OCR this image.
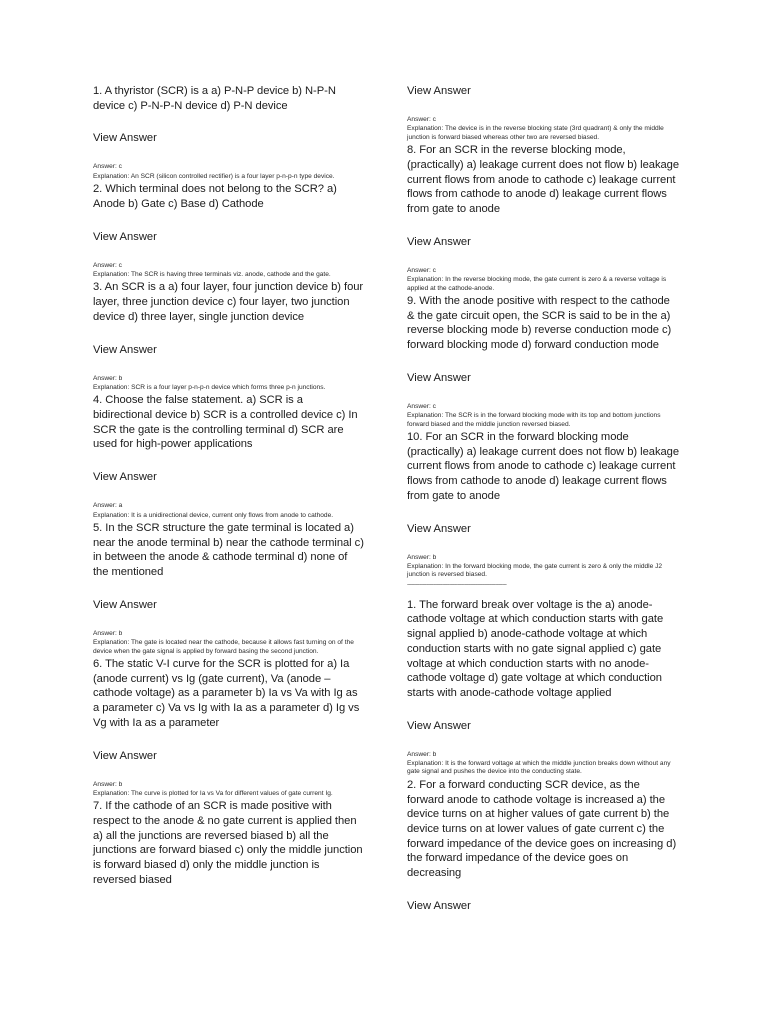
1. A thyristor (SCR) is a a) P-N-P device b) N-P-N device c) P-N-P-N device d) P-N device

View Answer

Answer: c

Explanation: An SCR (silicon controlled rectifier) is a four layer p-n-p-n type device.

2. Which terminal does not belong to the SCR? a) Anode b) Gate c) Base d) Cathode

View Answer

Answer: c

Explanation: The SCR is having three terminals viz. anode, cathode and the gate.

3. An SCR is a a) four layer, four junction device b) four layer, three junction device c) four layer, two junction device d) three layer, single junction device

View Answer

Answer: b

Explanation: SCR is a four layer p-n-p-n device which forms three p-n junctions.

4. Choose the false statement. a) SCR is a bidirectional device b) SCR is a controlled device c) In SCR the gate is the controlling terminal d) SCR are used for high-power applications

View Answer

Answer: a

Explanation: It is a unidirectional device, current only flows from anode to cathode.

5. In the SCR structure the gate terminal is located a) near the anode terminal b) near the cathode terminal c) in between the anode & cathode terminal d) none of the mentioned

View Answer

Answer: b

Explanation: The gate is located near the cathode, because it allows fast turning on of the device when the gate signal is applied by forward basing the second junction.

6. The static V-I curve for the SCR is plotted for a) Ia (anode current) vs Ig (gate current), Va (anode – cathode voltage) as a parameter b) Ia vs Va with Ig as a parameter c) Va vs Ig with Ia as a parameter d) Ig vs Vg with Ia as a parameter

View Answer

Answer: b

Explanation: The curve is plotted for Ia vs Va for different values of gate current Ig.

7. If the cathode of an SCR is made positive with respect to the anode & no gate current is applied then a) all the junctions are reversed biased b) all the junctions are forward biased c) only the middle junction is forward biased d) only the middle junction is reversed biased

View Answer

Answer: c

Explanation: The device is in the reverse blocking state (3rd quadrant) & only the middle junction is forward biased whereas other two are reversed biased.

8. For an SCR in the reverse blocking mode, (practically) a) leakage current does not flow b) leakage current flows from anode to cathode c) leakage current flows from cathode to anode d) leakage current flows from gate to anode

View Answer

Answer: c

Explanation: In the reverse blocking mode, the gate current is zero & a reverse voltage is applied at the cathode-anode.

9. With the anode positive with respect to the cathode & the gate circuit open, the SCR is said to be in the a) reverse blocking mode b) reverse conduction mode c) forward blocking mode d) forward conduction mode

View Answer

Answer: c

Explanation: The SCR is in the forward blocking mode with its top and bottom junctions forward biased and the middle junction reversed biased.

10. For an SCR in the forward blocking mode (practically) a) leakage current does not flow b) leakage current flows from anode to cathode c) leakage current flows from cathode to anode d) leakage current flows from gate to anode

View Answer

Answer: b

Explanation: In the forward blocking mode, the gate current is zero & only the middle J2 junction is reversed biased.

-----------------------------------------------------------------------

1. The forward break over voltage is the a) anode-cathode voltage at which conduction starts with gate signal applied b) anode-cathode voltage at which conduction starts with no gate signal applied c) gate voltage at which conduction starts with no anode-cathode voltage d) gate voltage at which conduction starts with anode-cathode voltage applied

View Answer

Answer: b

Explanation: It is the forward voltage at which the middle junction breaks down without any gate signal and pushes the device into the conducting state.

2. For a forward conducting SCR device, as the forward anode to cathode voltage is increased a) the device turns on at higher values of gate current b) the device turns on at lower values of gate current c) the forward impedance of the device goes on increasing d) the forward impedance of the device goes on decreasing

View Answer
